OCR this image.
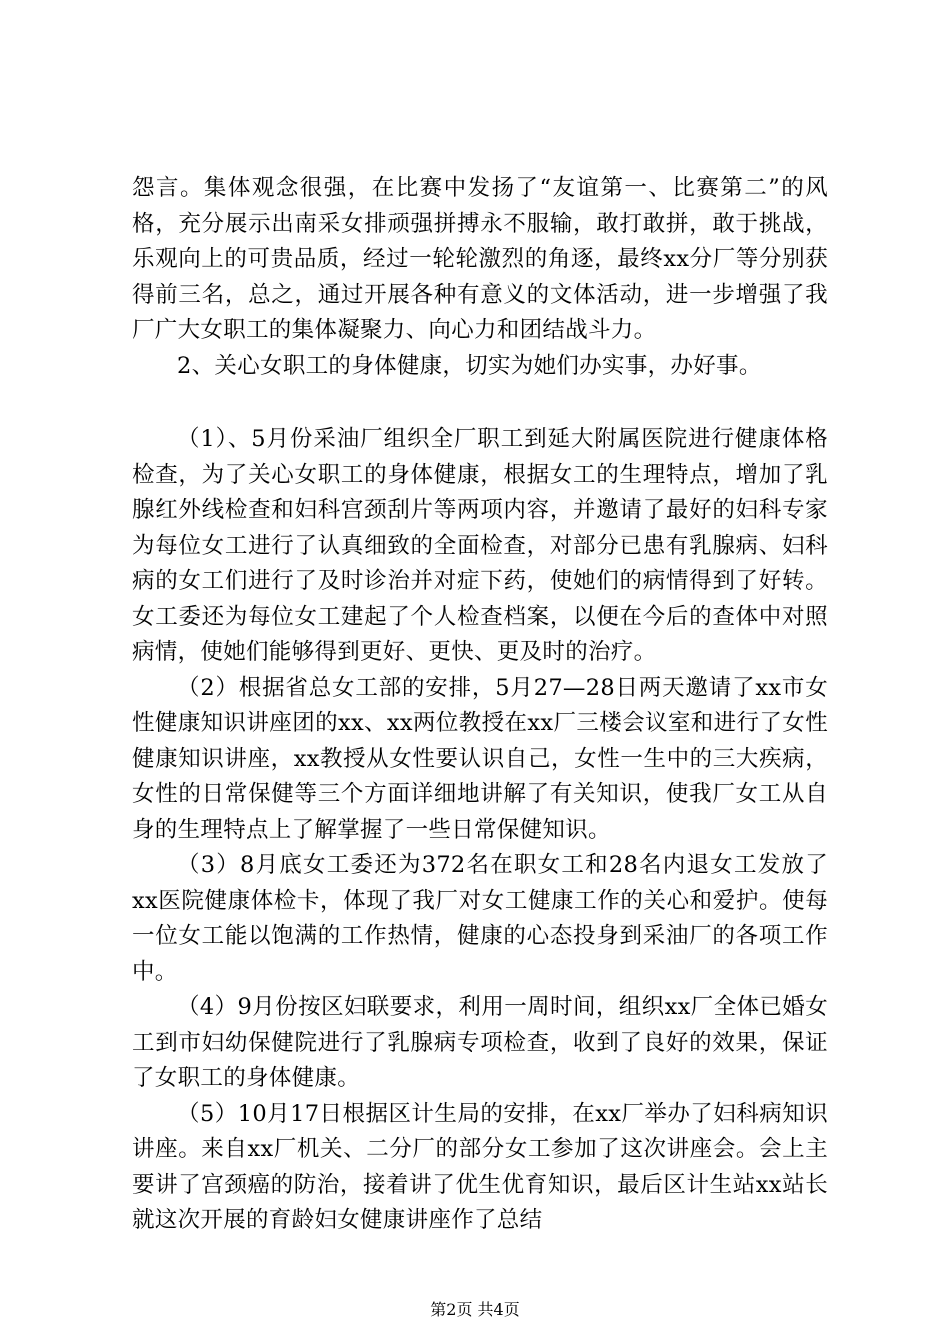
怨言。集体观念很强，在比赛中发扬了“友谊第一、比赛第二”的风格，充分展示出南采女排顽强拼搏永不服输，敢打敢拼，敢于挑战，乐观向上的可贵品质，经过一轮轮激烈的角逐，最终xx分厂等分别获得前三名，总之，通过开展各种有意义的文体活动，进一步增强了我厂广大女职工的集体凝聚力、向心力和团结战斗力。

2、关心女职工的身体健康，切实为她们办实事，办好事。

（1）、5月份采油厂组织全厂职工到延大附属医院进行健康体格检查，为了关心女职工的身体健康，根据女工的生理特点，增加了乳腺红外线检查和妇科宫颈刮片等两项内容，并邀请了最好的妇科专家为每位女工进行了认真细致的全面检查，对部分已患有乳腺病、妇科病的女工们进行了及时诊治并对症下药，使她们的病情得到了好转。女工委还为每位女工建起了个人检查档案，以便在今后的查体中对照病情，使她们能够得到更好、更快、更及时的治疗。

（2）根据省总女工部的安排，5月27—28日两天邀请了xx市女性健康知识讲座团的xx、xx两位教授在xx厂三楼会议室和进行了女性健康知识讲座，xx教授从女性要认识自己，女性一生中的三大疾病，女性的日常保健等三个方面详细地讲解了有关知识，使我厂女工从自身的生理特点上了解掌握了一些日常保健知识。

（3）8月底女工委还为372名在职女工和28名内退女工发放了xx医院健康体检卡，体现了我厂对女工健康工作的关心和爱护。使每一位女工能以饱满的工作热情，健康的心态投身到采油厂的各项工作中。

（4）9月份按区妇联要求，利用一周时间，组织xx厂全体已婚女工到市妇幼保健院进行了乳腺病专项检查，收到了良好的效果，保证了女职工的身体健康。

（5）10月17日根据区计生局的安排，在xx厂举办了妇科病知识讲座。来自xx厂机关、二分厂的部分女工参加了这次讲座会。会上主要讲了宫颈癌的防治，接着讲了优生优育知识，最后区计生站xx站长就这次开展的育龄妇女健康讲座作了总结

第2页 共4页
